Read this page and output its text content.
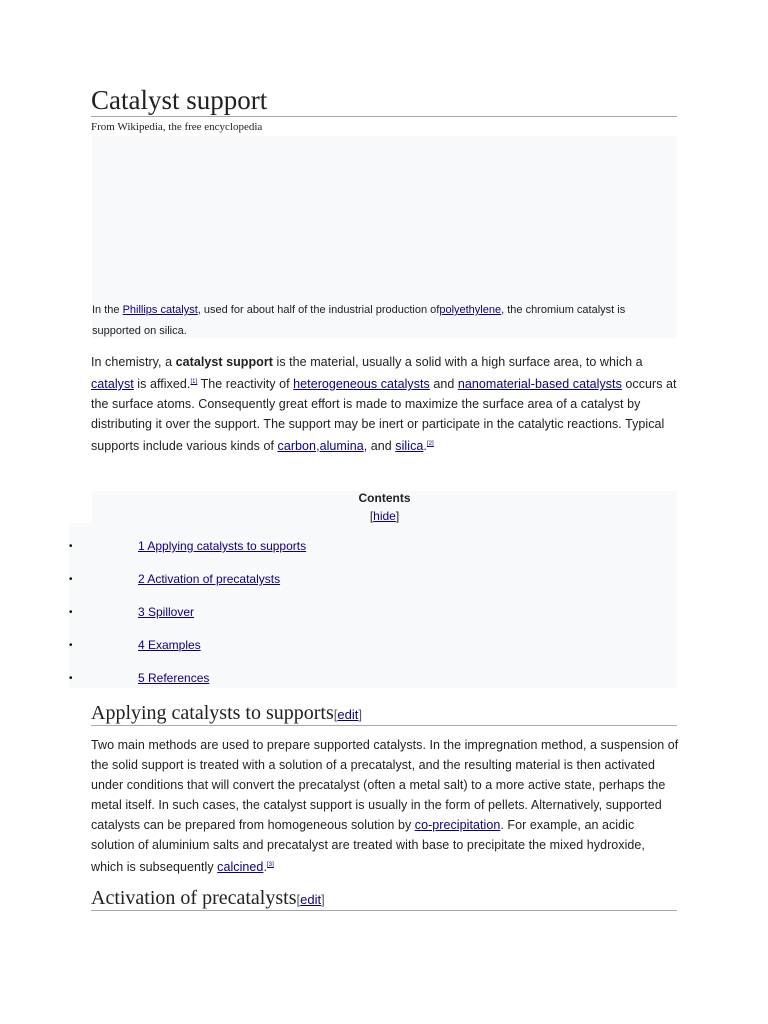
Catalyst support
From Wikipedia, the free encyclopedia
In the Phillips catalyst, used for about half of the industrial production ofpolyethylene, the chromium catalyst is supported on silica.
In chemistry, a catalyst support is the material, usually a solid with a high surface area, to which a catalyst is affixed.[1] The reactivity of heterogeneous catalysts and nanomaterial-based catalysts occurs at the surface atoms. Consequently great effort is made to maximize the surface area of a catalyst by distributing it over the support. The support may be inert or participate in the catalytic reactions. Typical supports include various kinds of carbon,alumina, and silica.[2]
Contents
[hide]
•	1 Applying catalysts to supports
•	2 Activation of precatalysts
•	3 Spillover
•	4 Examples
•	5 References
Applying catalysts to supports[edit]
Two main methods are used to prepare supported catalysts. In the impregnation method, a suspension of the solid support is treated with a solution of a precatalyst, and the resulting material is then activated under conditions that will convert the precatalyst (often a metal salt) to a more active state, perhaps the metal itself. In such cases, the catalyst support is usually in the form of pellets. Alternatively, supported catalysts can be prepared from homogeneous solution by co-precipitation. For example, an acidic solution of aluminium salts and precatalyst are treated with base to precipitate the mixed hydroxide, which is subsequently calcined.[3]
Activation of precatalysts[edit]
